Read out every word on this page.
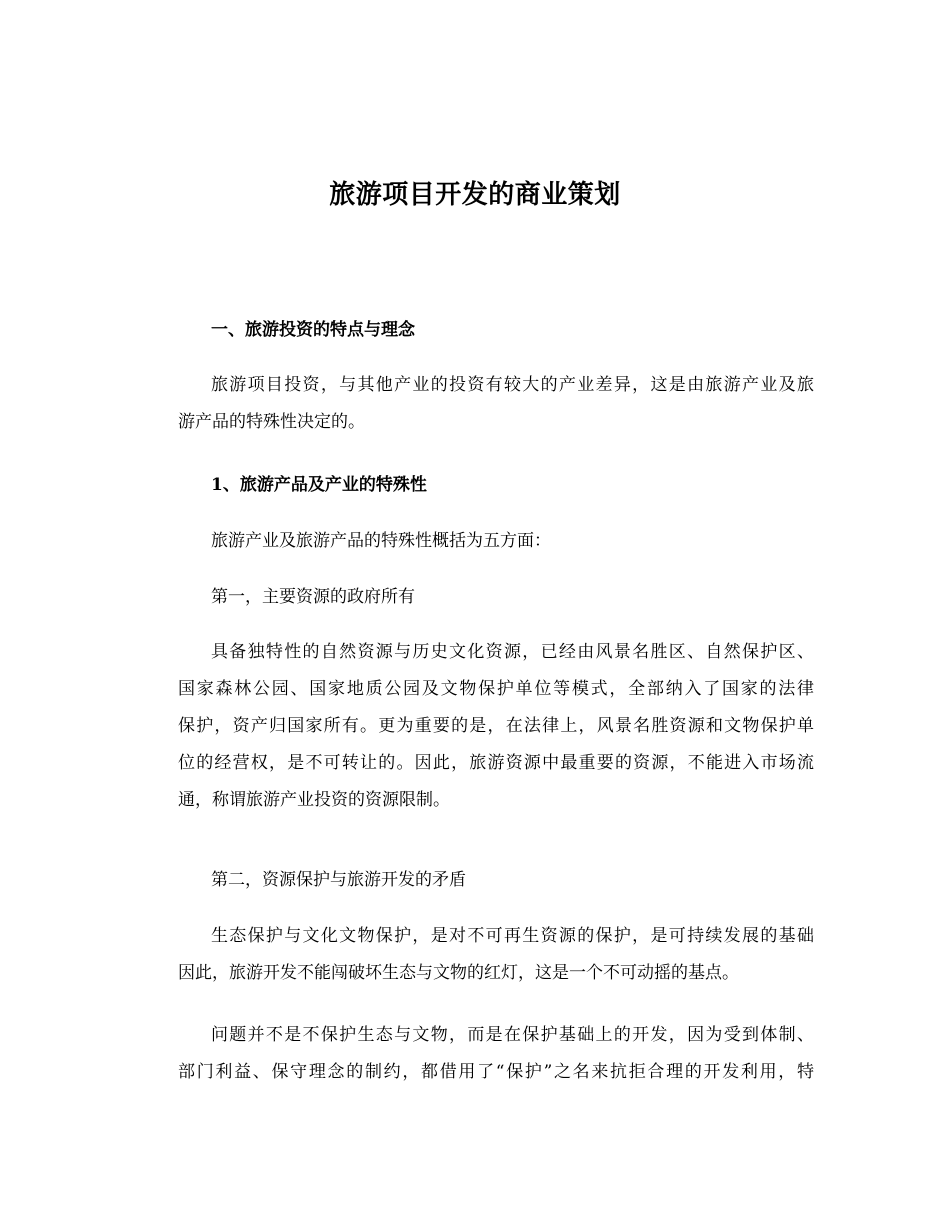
旅游项目开发的商业策划
一、旅游投资的特点与理念
旅游项目投资，与其他产业的投资有较大的产业差异，这是由旅游产业及旅
游产品的特殊性决定的。
1、旅游产品及产业的特殊性
旅游产业及旅游产品的特殊性概括为五方面：
第一，主要资源的政府所有
具备独特性的自然资源与历史文化资源，已经由风景名胜区、自然保护区、
国家森林公园、国家地质公园及文物保护单位等模式，全部纳入了国家的法律
保护，资产归国家所有。更为重要的是，在法律上，风景名胜资源和文物保护单
位的经营权，是不可转让的。因此，旅游资源中最重要的资源，不能进入市场流
通，称谓旅游产业投资的资源限制。
第二，资源保护与旅游开发的矛盾
生态保护与文化文物保护，是对不可再生资源的保护，是可持续发展的基础
因此，旅游开发不能闯破坏生态与文物的红灯，这是一个不可动摇的基点。
问题并不是不保护生态与文物，而是在保护基础上的开发，因为受到体制、
部门利益、保守理念的制约，都借用了“保护”之名来抗拒合理的开发利用，特
